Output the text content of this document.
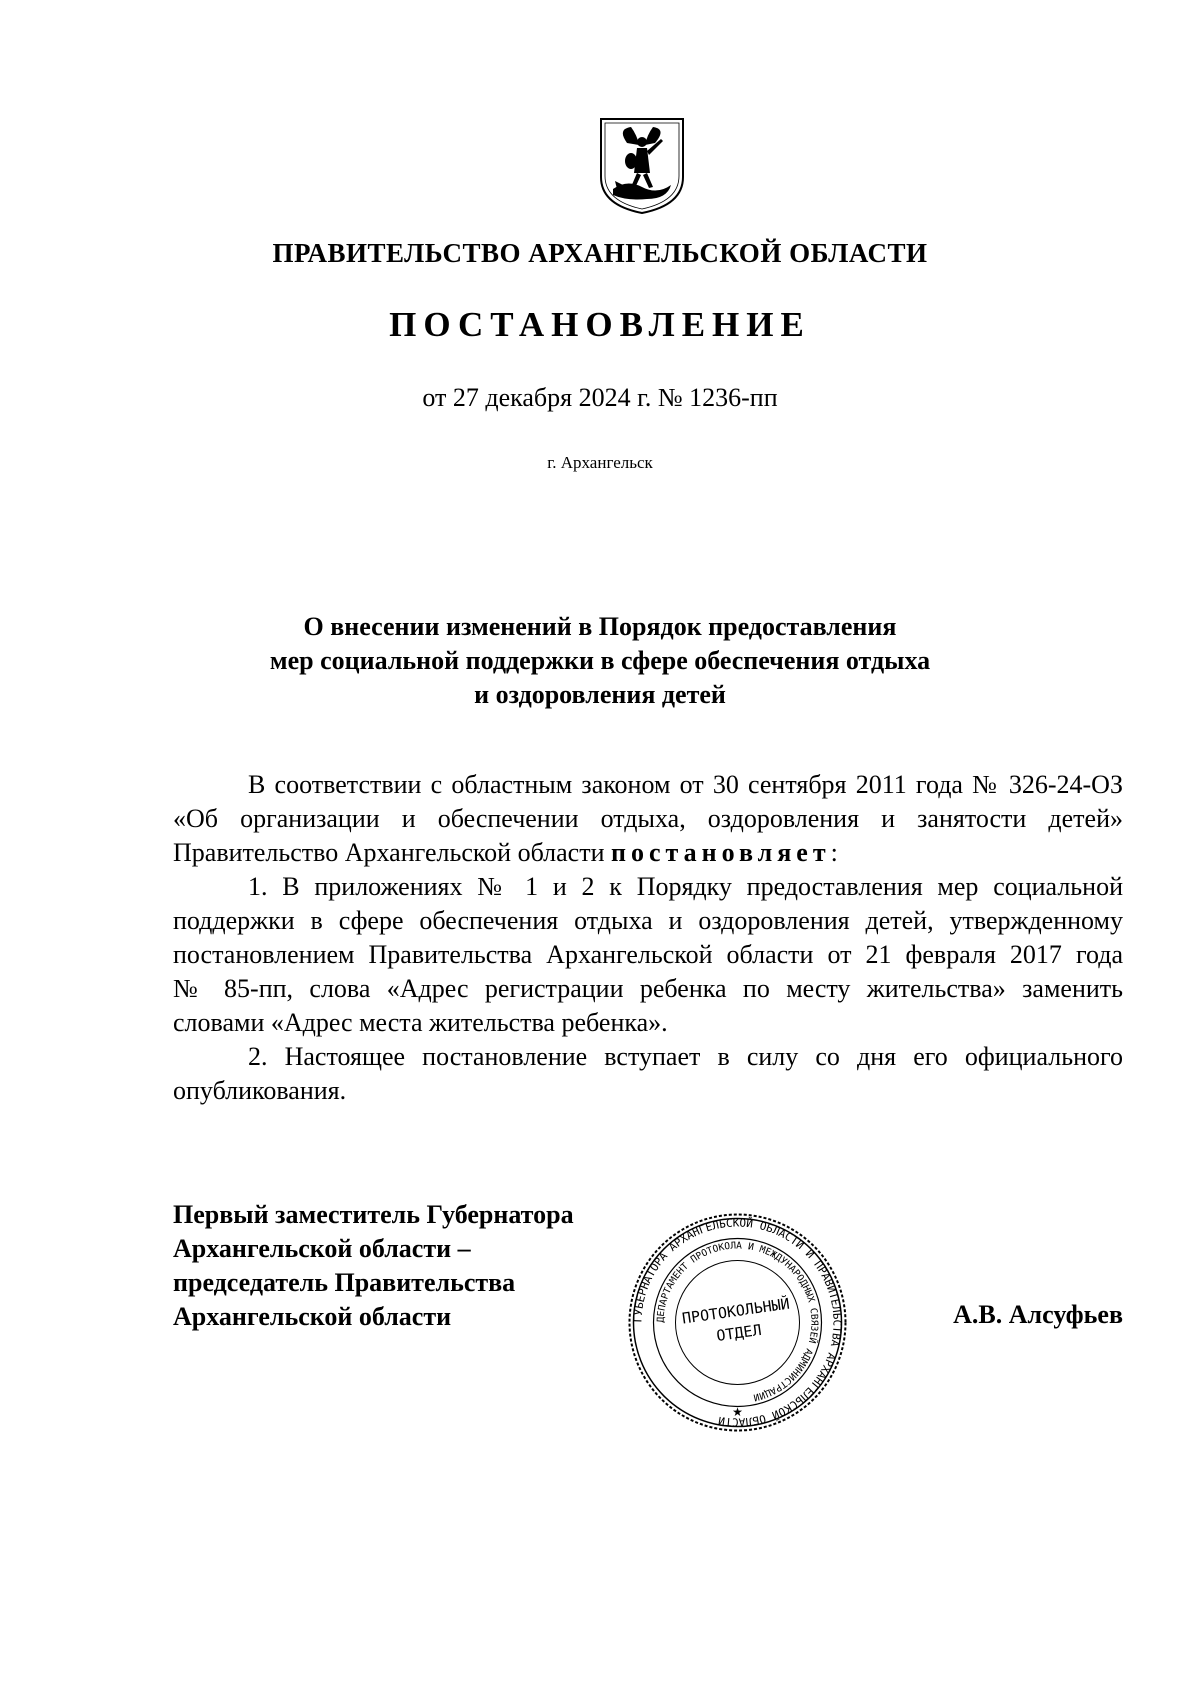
ПРАВИТЕЛЬСТВО АРХАНГЕЛЬСКОЙ ОБЛАСТИ
ПОСТАНОВЛЕНИЕ
от 27 декабря 2024 г. № 1236-пп
г. Архангельск
О внесении изменений в Порядок предоставления
мер социальной поддержки в сфере обеспечения отдыха
и оздоровления детей
В соответствии с областным законом от 30 сентября 2011 года № 326-24-ОЗ
«Об организации и обеспечении отдыха, оздоровления и занятости детей»
Правительство Архангельской области постановляет:
1. В приложениях № 1 и 2 к Порядку предоставления мер социальной
поддержки в сфере обеспечения отдыха и оздоровления детей, утвержденному
постановлением Правительства Архангельской области от 21 февраля 2017 года
№ 85-пп, слова «Адрес регистрации ребенка по месту жительства» заменить
словами «Адрес места жительства ребенка».
2. Настоящее постановление вступает в силу со дня его официального
опубликования.
Первый заместитель Губернатора
Архангельской области –
председатель Правительства
Архангельской области	ГУБЕРНАТОРА АРХАНГЕЛЬСКОЙ ОБЛАСТИ И ПРАВИТЕЛЬСТВА АРХАНГЕЛЬСКОЙ ОБЛАСТИ
ДЕПАРТАМЕНТ ПРОТОКОЛА И МЕЖДУНАРОДНЫХ СВЯЗЕЙ АДМИНИСТРАЦИИ
ПРОТОКОЛЬНЫЙ
ОТДЕЛ
★
А.В. Алсуфьев
